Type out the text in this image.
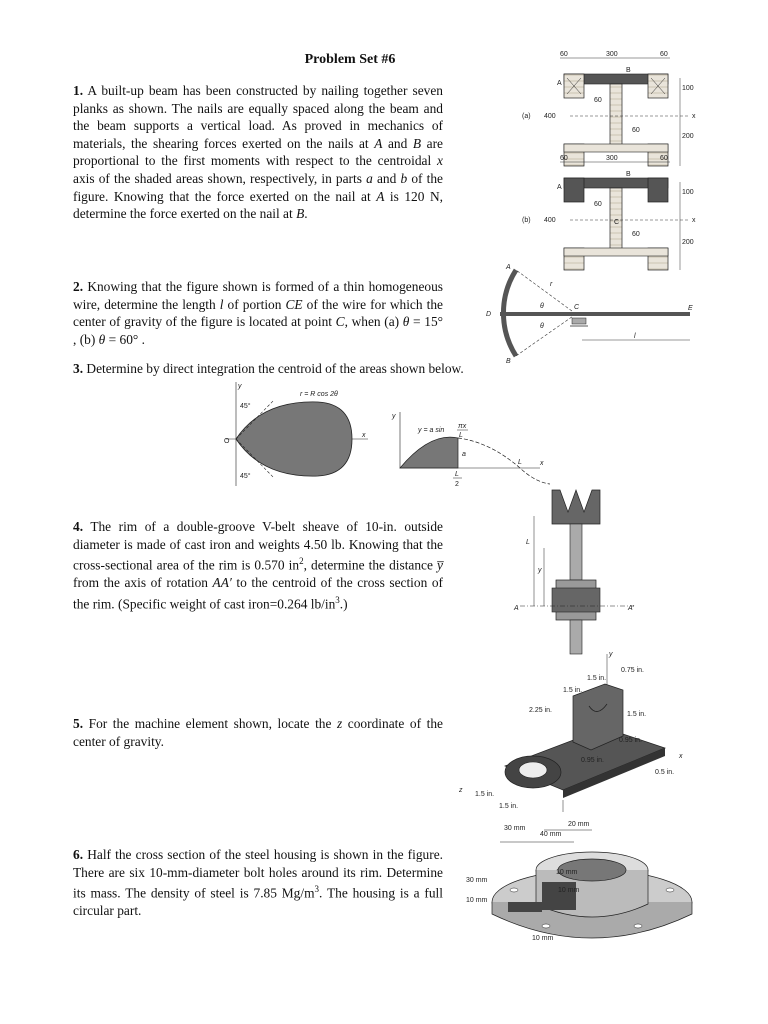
Problem Set #6
1. A built-up beam has been constructed by nailing together seven planks as shown. The nails are equally spaced along the beam and the beam supports a vertical load. As proved in mechanics of materials, the shearing forces exerted on the nails at A and B are proportional to the first moments with respect to the centroidal x axis of the shaded areas shown, respectively, in parts a and b of the figure. Knowing that the force exerted on the nail at A is 120 N, determine the force exerted on the nail at B.
2. Knowing that the figure shown is formed of a thin homogeneous wire, determine the length l of portion CE of the wire for which the center of gravity of the figure is located at point C, when (a) θ = 15° , (b) θ = 60° .
3. Determine by direct integration the centroid of the areas shown below.
4. The rim of a double-groove V-belt sheave of 10-in. outside diameter is made of cast iron and weights 4.50 lb. Knowing that the cross-sectional area of the rim is 0.570 $in^2$, determine the distance y̅ from the axis of rotation AA′ to the centroid of the cross section of the rim. (Specific weight of cast iron=0.264 $lb/in^3$.)
5. For the machine element shown, locate the z coordinate of the center of gravity.
6. Half the cross section of the steel housing is shown in the figure. There are six 10-mm-diameter bolt holes around its rim. Determine its mass. The density of steel is 7.85 $Mg/m^3$. The housing is a full circular part.
60	300	60
B
A
60
60
x
(a) 400
100
200
60	300	60
B
A
60
60
C	x
(b) 400
100
200
A
B
C
D
E
r
θ
θ
l
y
x
O
45°
45°
r = R cos 2θ
y
x
y = a sin
πx
L
a
L
L
2
L
y
A	A'
0.75 in.
1.5 in.
1.5 in.
2.25 in.
1.5 in.
0.95 in.
0.95 in.
0.5 in.
1.5 in.
1.5 in.
y
x
z
20 mm
30 mm
40 mm
10 mm
30 mm
10 mm
10 mm
10 mm
